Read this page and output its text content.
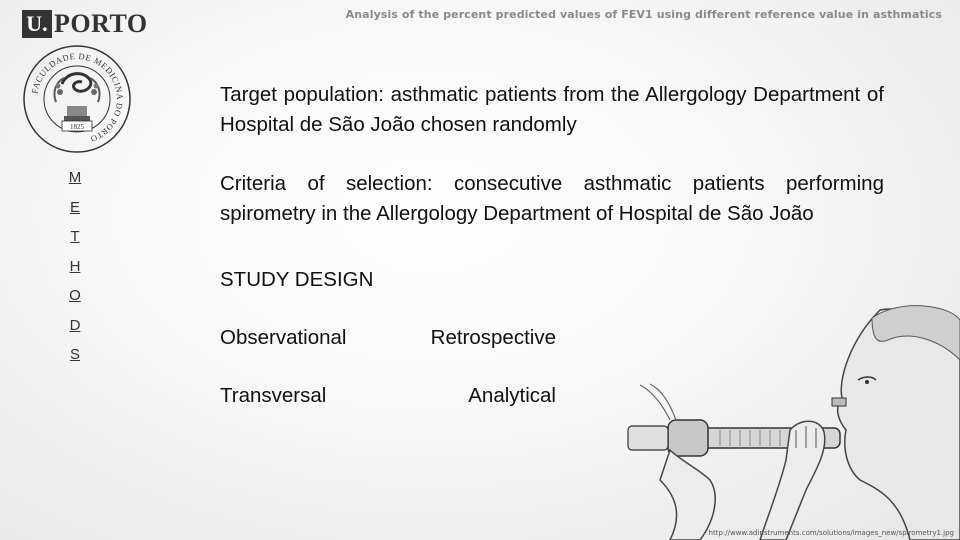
Analysis of the percent predicted values of FEV1 using different reference value in asthmatics
U. PORTO
FACULDADE DE MEDICINA DO PORTO
1825
M
E
T
H
O
D
S

Target population: asthmatic patients from the Allergology Department of Hospital de São João chosen randomly

Criteria of selection: consecutive asthmatic patients performing spirometry in the Allergology Department of Hospital de São João

STUDY DESIGN
Observational	Retrospective
Transversal	Analytical
http://www.adinstruments.com/solutions/images_new/spirometry1.jpg
